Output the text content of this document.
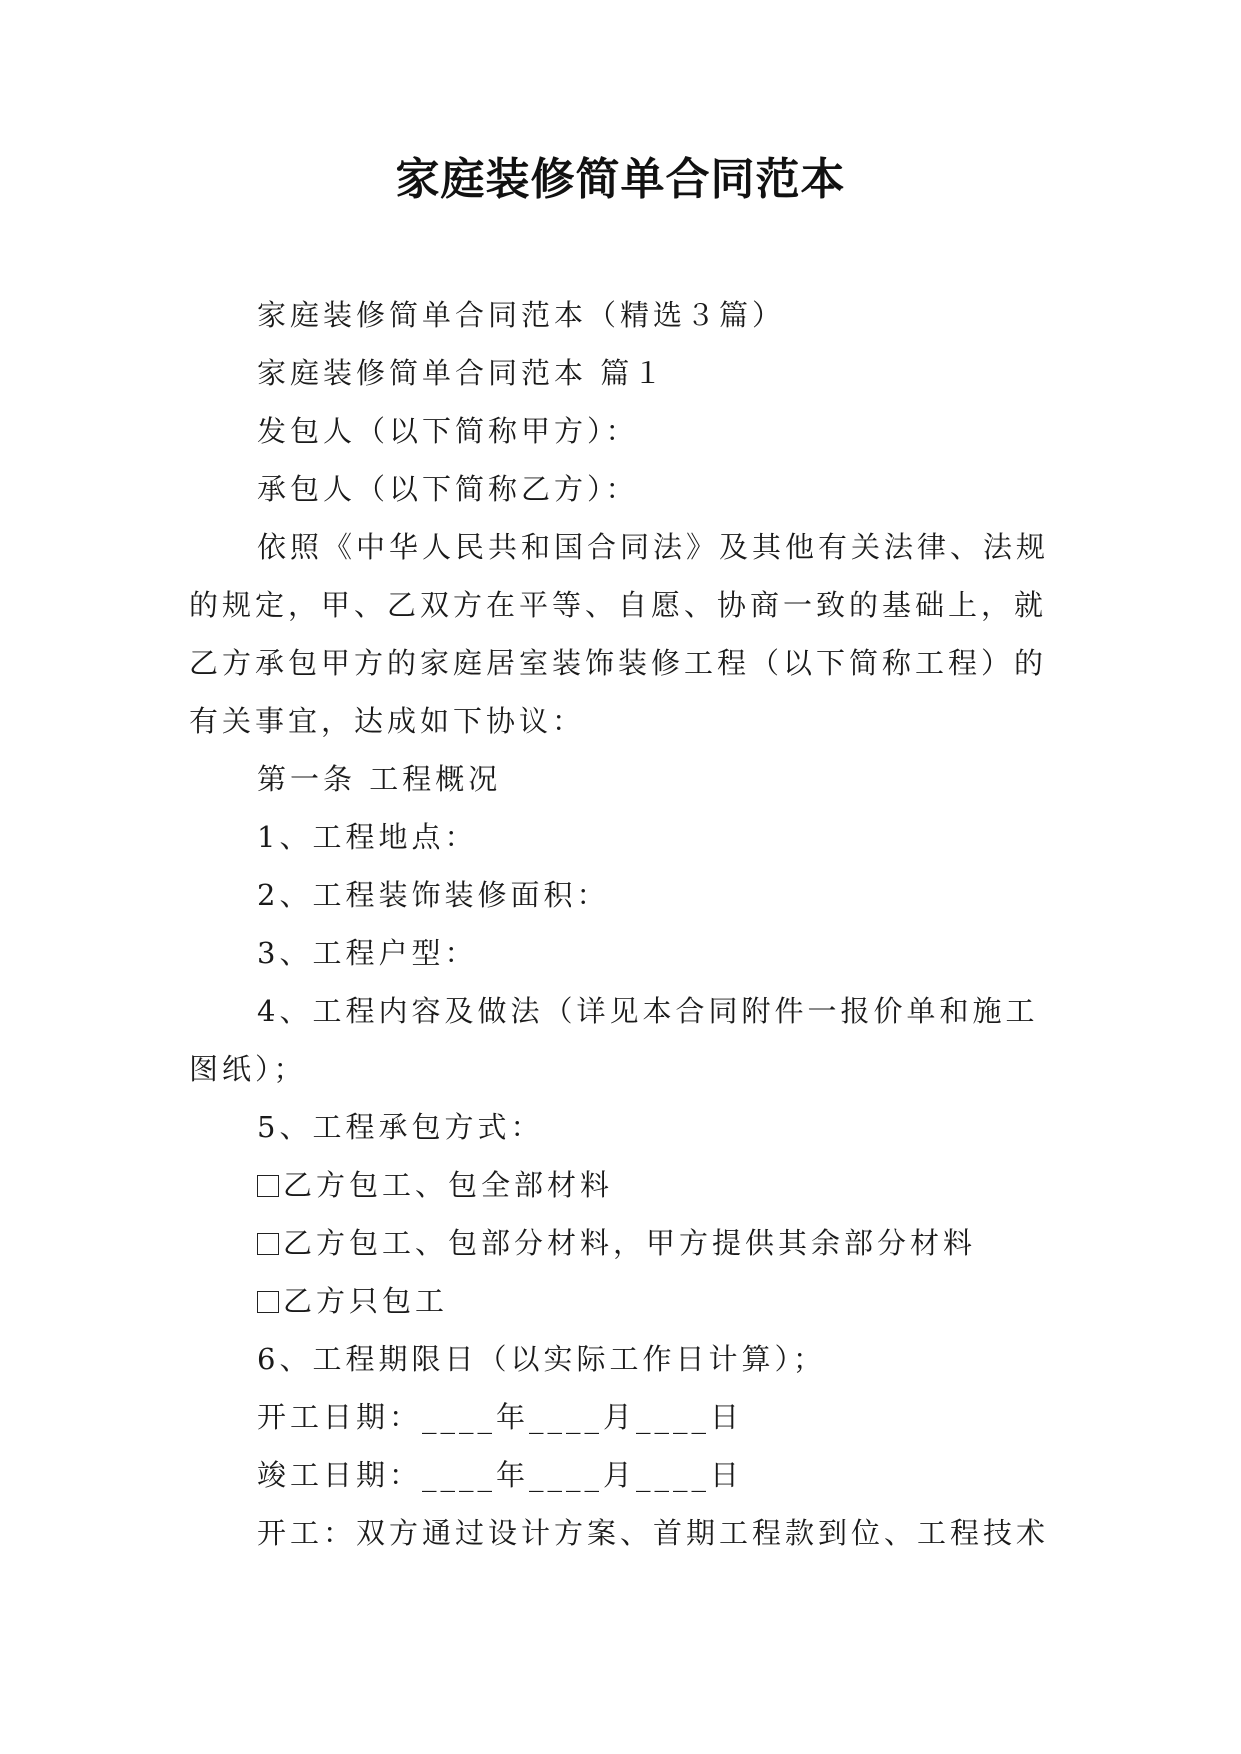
家庭装修简单合同范本

家庭装修简单合同范本（精选３篇）

家庭装修简单合同范本 篇１

发包人（以下简称甲方）：

承包人（以下简称乙方）：

依照《中华人民共和国合同法》及其他有关法律、法规的规定，甲、乙双方在平等、自愿、协商一致的基础上，就乙方承包甲方的家庭居室装饰装修工程（以下简称工程）的有关事宜，达成如下协议：

第一条 工程概况

1、工程地点：

2、工程装饰装修面积：

3、工程户型：

4、工程内容及做法（详见本合同附件一报价单和施工图纸）；

5、工程承包方式：

乙方包工、包全部材料

乙方包工、包部分材料，甲方提供其余部分材料

乙方只包工

6、工程期限日（以实际工作日计算）；

开工日期：____年____月____日

竣工日期：____年____月____日

开工：双方通过设计方案、首期工程款到位、工程技术
